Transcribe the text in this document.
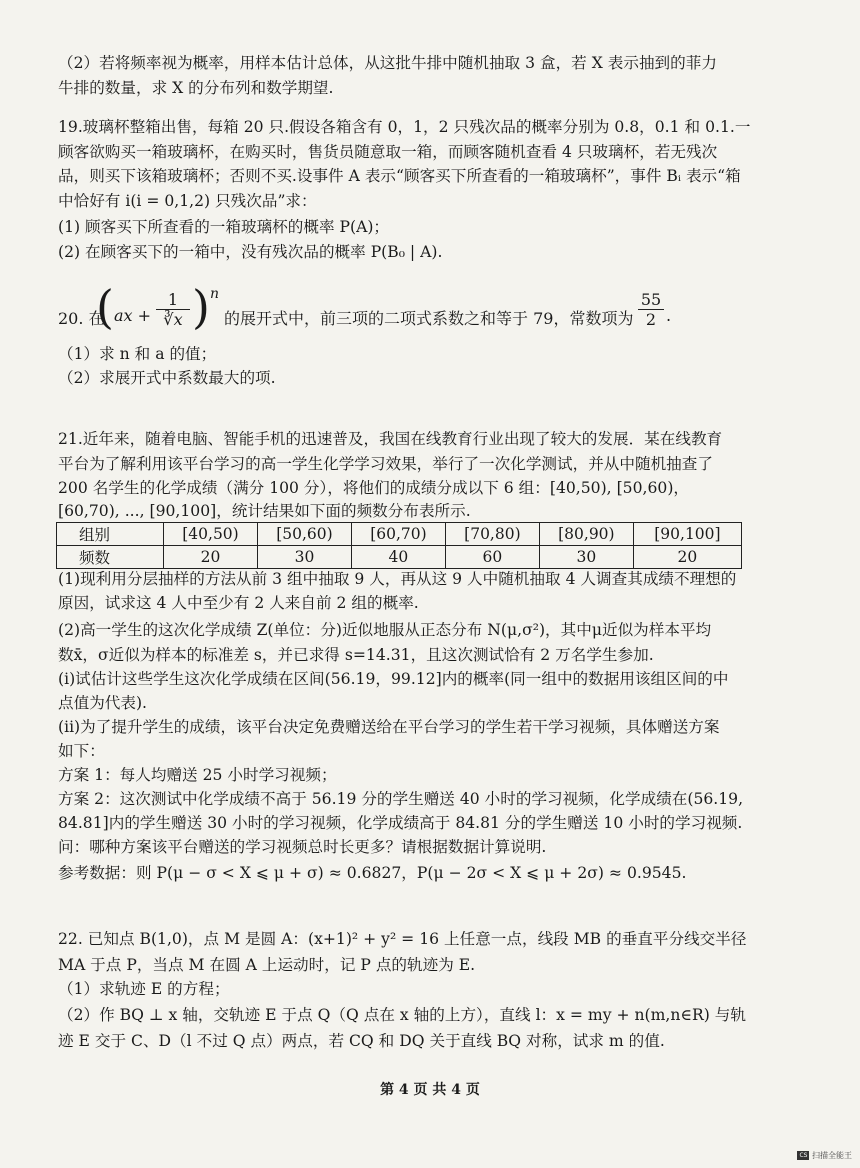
（2）若将频率视为概率，用样本估计总体，从这批牛排中随机抽取 3 盒，若 X 表示抽到的菲力
牛排的数量，求 X 的分布列和数学期望.
19.玻璃杯整箱出售，每箱 20 只.假设各箱含有 0，1，2 只残次品的概率分别为 0.8，0.1 和 0.1.一
顾客欲购买一箱玻璃杯，在购买时，售货员随意取一箱，而顾客随机查看 4 只玻璃杯，若无残次
品，则买下该箱玻璃杯；否则不买.设事件 A 表示“顾客买下所查看的一箱玻璃杯”，事件 Bᵢ 表示“箱
中恰好有 i(i = 0,1,2) 只残次品”求：
(1) 顾客买下所查看的一箱玻璃杯的概率 P(A)；
(2) 在顾客买下的一箱中，没有残次品的概率 P(B₀ | A).
20. 在
( ax + $\frac{1}{∛x}$ ) n
的展开式中，前三项的二项式系数之和等于 79，常数项为 $\frac{55}{2}$ .
（1）求 n 和 a 的值；
（2）求展开式中系数最大的项.
21.近年来，随着电脑、智能手机的迅速普及，我国在线教育行业出现了较大的发展．某在线教育
平台为了解利用该平台学习的高一学生化学学习效果，举行了一次化学测试，并从中随机抽查了
200 名学生的化学成绩（满分 100 分），将他们的成绩分成以下 6 组：[40,50), [50,60)，
[60,70), ..., [90,100]，统计结果如下面的频数分布表所示.
组别	[40,50)	[50,60)	[60,70)	[70,80)	[80,90)	[90,100]
频数	20	30	40	60	30	20
(1)现利用分层抽样的方法从前 3 组中抽取 9 人，再从这 9 人中随机抽取 4 人调查其成绩不理想的
原因，试求这 4 人中至少有 2 人来自前 2 组的概率.
(2)高一学生的这次化学成绩 Z(单位：分)近似地服从正态分布 N(μ,σ²)，其中μ近似为样本平均
数x̄，σ近似为样本的标准差 s，并已求得 s=14.31，且这次测试恰有 2 万名学生参加.
(i)试估计这些学生这次化学成绩在区间(56.19，99.12]内的概率(同一组中的数据用该组区间的中
点值为代表).
(ii)为了提升学生的成绩，该平台决定免费赠送给在平台学习的学生若干学习视频，具体赠送方案
如下：
方案 1：每人均赠送 25 小时学习视频；
方案 2：这次测试中化学成绩不高于 56.19 分的学生赠送 40 小时的学习视频，化学成绩在(56.19,
84.81]内的学生赠送 30 小时的学习视频，化学成绩高于 84.81 分的学生赠送 10 小时的学习视频.
问：哪种方案该平台赠送的学习视频总时长更多？请根据数据计算说明.
参考数据：则 P(μ − σ < X ⩽ μ + σ) ≈ 0.6827，P(μ − 2σ < X ⩽ μ + 2σ) ≈ 0.9545.
22. 已知点 B(1,0)，点 M 是圆 A：(x+1)² + y² = 16 上任意一点，线段 MB 的垂直平分线交半径
MA 于点 P，当点 M 在圆 A 上运动时，记 P 点的轨迹为 E.
（1）求轨迹 E 的方程；
（2）作 BQ ⊥ x 轴，交轨迹 E 于点 Q（Q 点在 x 轴的上方），直线 l：x = my + n(m,n∈R) 与轨
迹 E 交于 C、D（l 不过 Q 点）两点，若 CQ 和 DQ 关于直线 BQ 对称，试求 m 的值.
第 4 页 共 4 页
CS 扫描全能王
